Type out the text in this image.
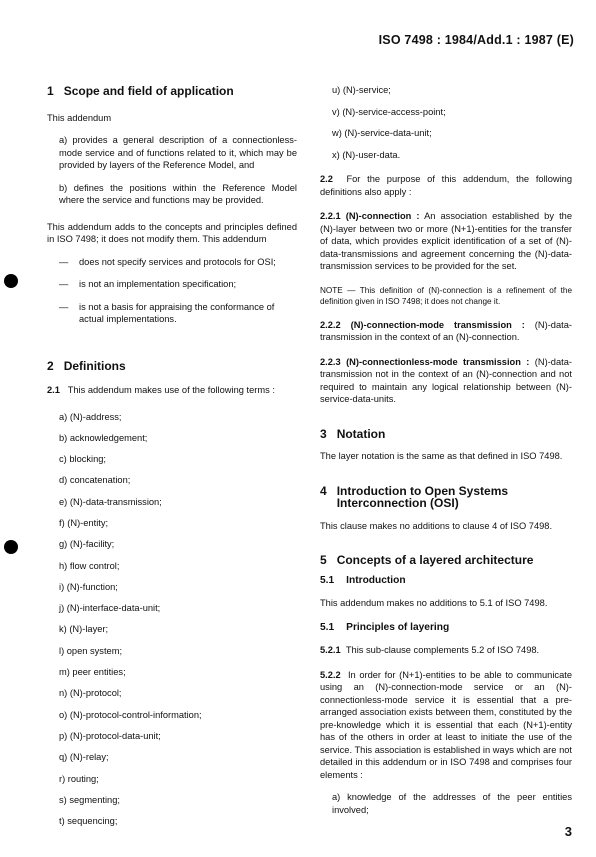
ISO 7498 : 1984/Add.1 : 1987 (E)
1 Scope and field of application

This addendum

a) provides a general description of a connectionless-mode service and of functions related to it, which may be provided by layers of the Reference Model, and

b) defines the positions within the Reference Model where the service and functions may be provided.

This addendum adds to the concepts and principles defined in ISO 7498; it does not modify them. This addendum

— does not specify services and protocols for OSI;
— is not an implementation specification;
— is not a basis for appraising the conformance of actual implementations.
2 Definitions

2.1 This addendum makes use of the following terms :

a) (N)-address;

b) acknowledgement;

c) blocking;

d) concatenation;

e) (N)-data-transmission;

f) (N)-entity;

g) (N)-facility;

h) flow control;

i) (N)-function;

j) (N)-interface-data-unit;

k) (N)-layer;

l) open system;

m) peer entities;

n) (N)-protocol;

o) (N)-protocol-control-information;

p) (N)-protocol-data-unit;

q) (N)-relay;

r) routing;

s) segmenting;

t) sequencing;

u) (N)-service;

v) (N)-service-access-point;

w) (N)-service-data-unit;

x) (N)-user-data.

2.2 For the purpose of this addendum, the following definitions also apply :

2.2.1 (N)-connection : An association established by the (N)-layer between two or more (N+1)-entities for the transfer of data, which provides explicit identification of a set of (N)-data-transmissions and agreement concerning the (N)-data-transmission services to be provided for the set.

NOTE — This definition of (N)-connection is a refinement of the definition given in ISO 7498; it does not change it.

2.2.2 (N)-connection-mode transmission : (N)-data-transmission in the context of an (N)-connection.

2.2.3 (N)-connectionless-mode transmission : (N)-data-transmission not in the context of an (N)-connection and not required to maintain any logical relationship between (N)-service-data-units.

3 Notation

The layer notation is the same as that defined in ISO 7498.

4 Introduction to Open Systems Interconnection (OSI)

This clause makes no additions to clause 4 of ISO 7498.

5 Concepts of a layered architecture
5.1 Introduction

This addendum makes no additions to 5.1 of ISO 7498.

5.1 Principles of layering

5.2.1 This sub-clause complements 5.2 of ISO 7498.

5.2.2 In order for (N+1)-entities to be able to communicate using an (N)-connection-mode service or an (N)-connectionless-mode service it is essential that a pre-arranged association exists between them, constituted by the pre-knowledge which it is essential that each (N+1)-entity has of the others in order at least to initiate the use of the service. This association is established in ways which are not detailed in this addendum or in ISO 7498 and comprises four elements :

a) knowledge of the addresses of the peer entities involved;

3
